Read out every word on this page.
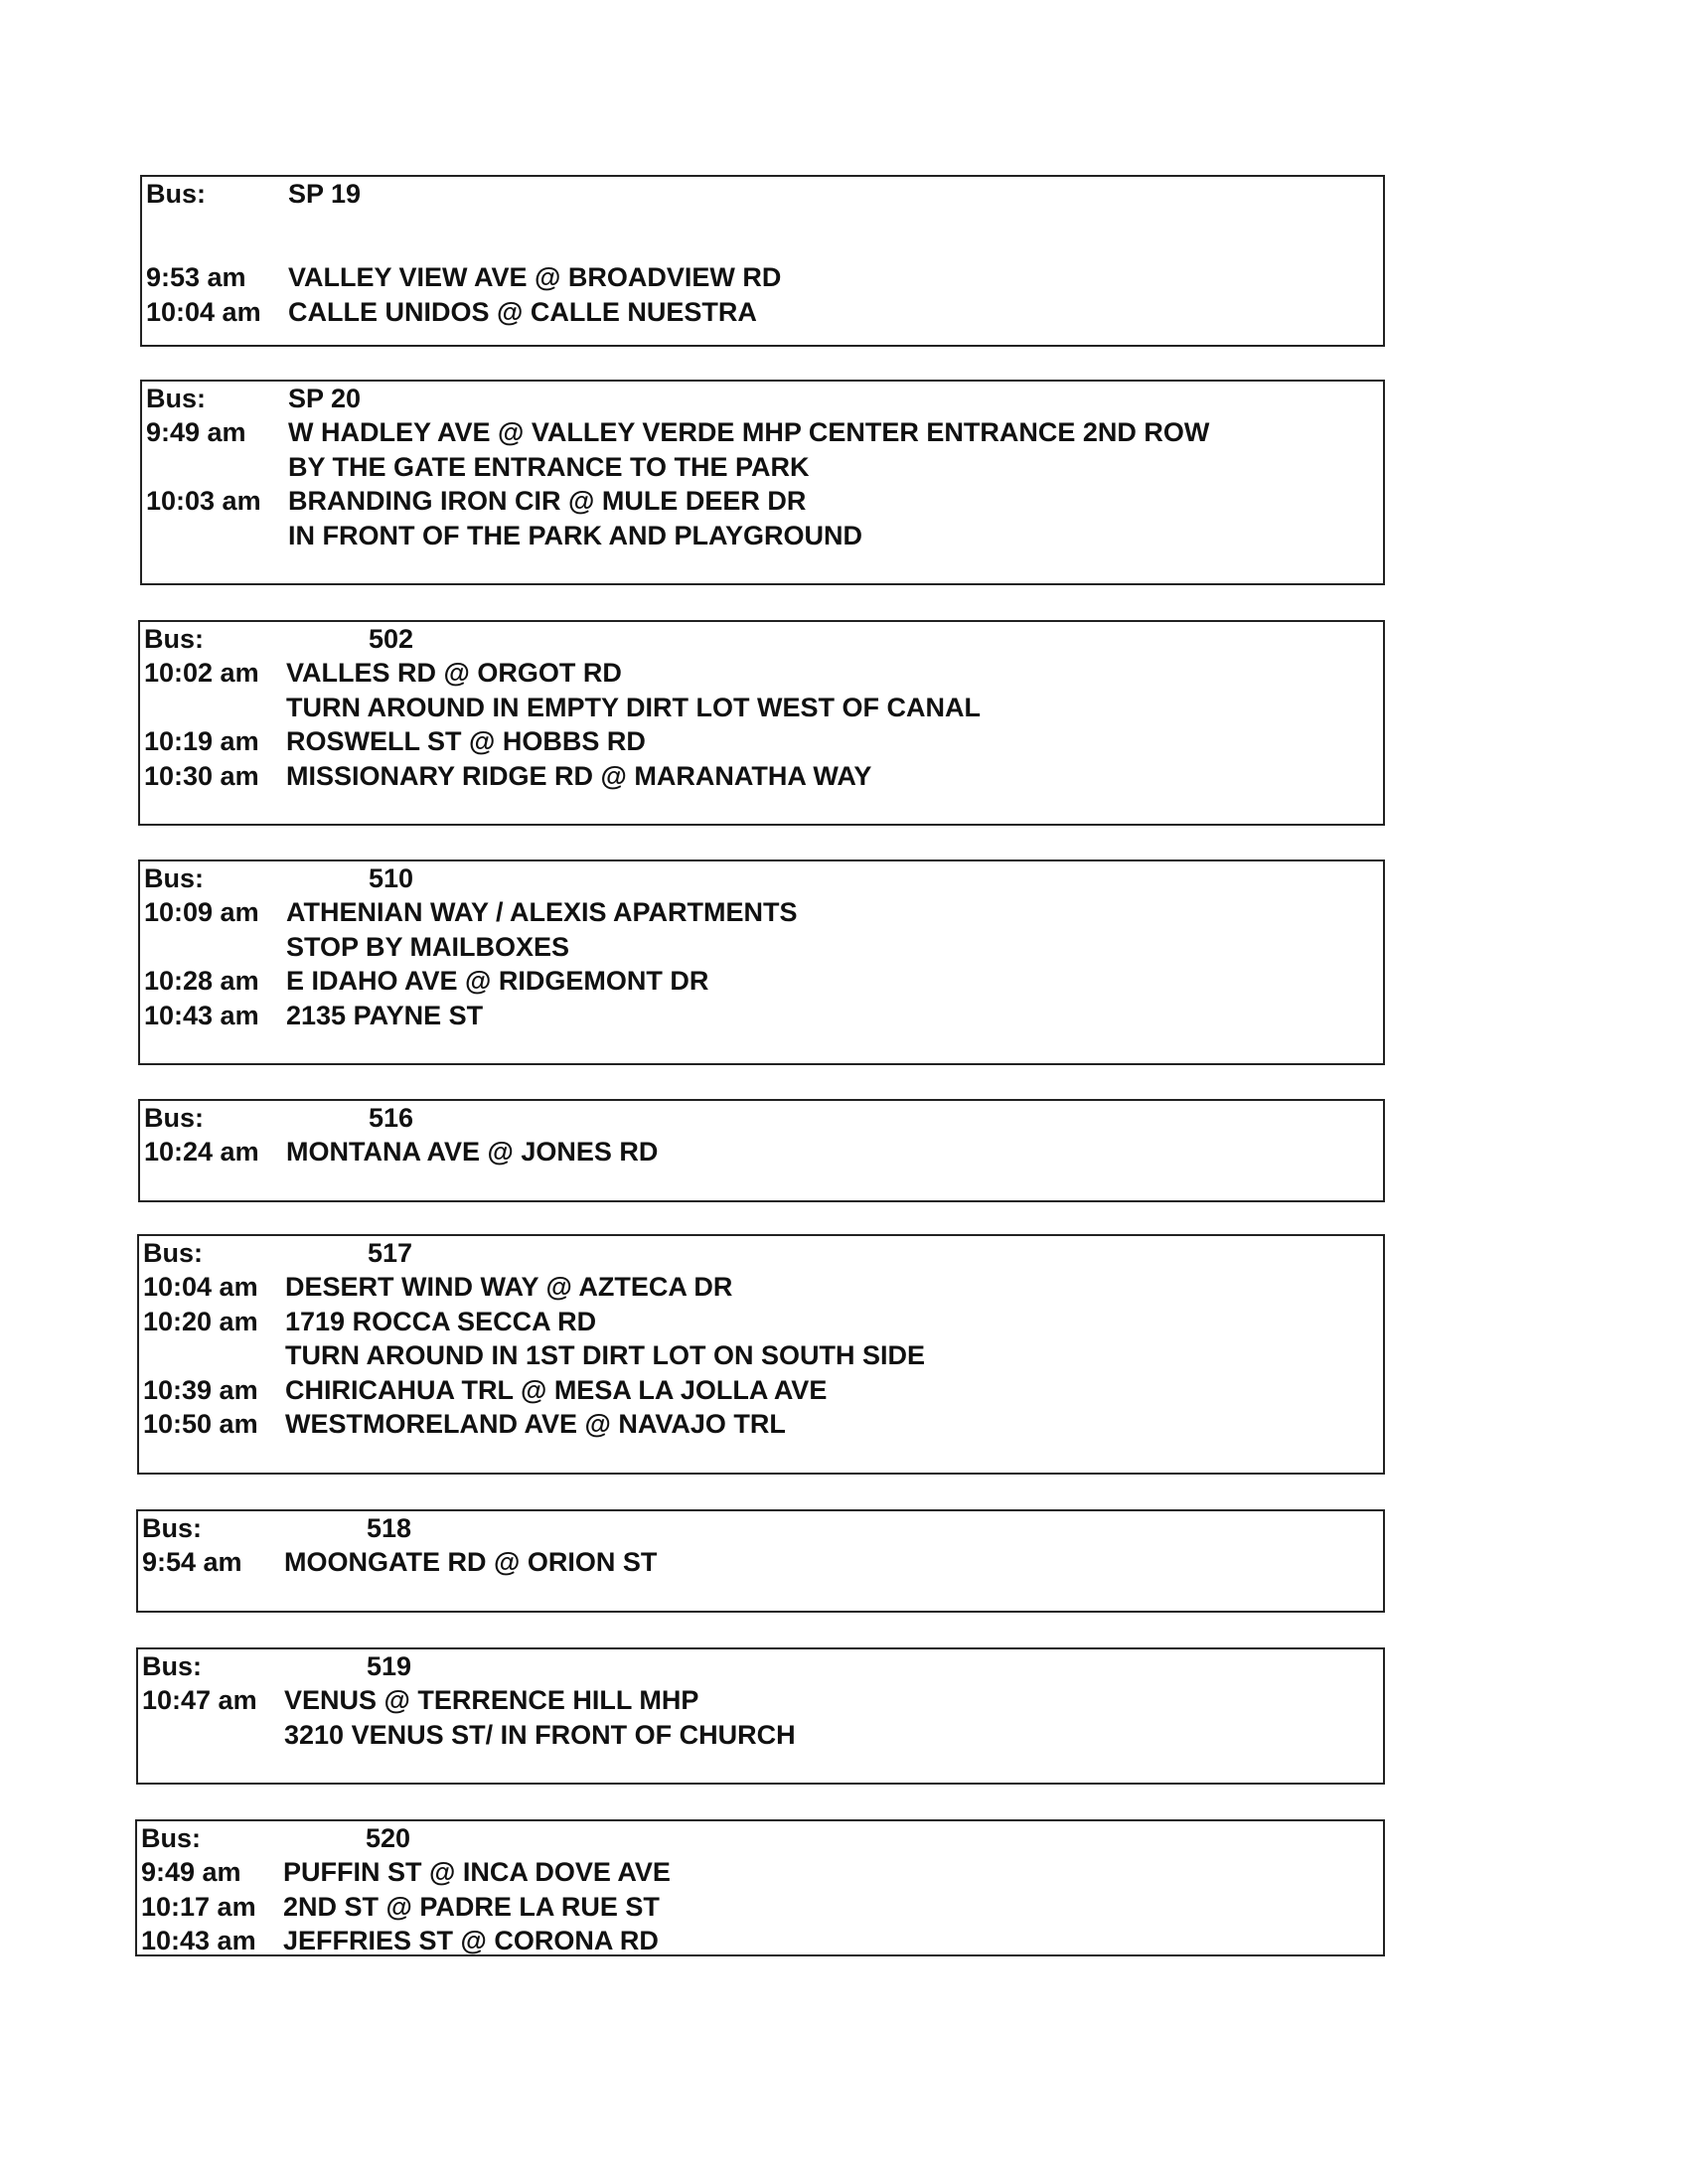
Bus:	SP 19
9:53 am VALLEY VIEW AVE @ BROADVIEW RD
10:04 am CALLE UNIDOS @ CALLE NUESTRA
Bus:	SP 20
9:49 am W HADLEY AVE @ VALLEY VERDE MHP CENTER ENTRANCE 2ND ROW
BY THE GATE ENTRANCE TO THE PARK
10:03 am BRANDING IRON CIR @ MULE DEER DR
IN FRONT OF THE PARK AND PLAYGROUND
Bus:	502
10:02 am VALLES RD @ ORGOT RD
TURN AROUND IN EMPTY DIRT LOT WEST OF CANAL
10:19 am ROSWELL ST @ HOBBS RD
10:30 am MISSIONARY RIDGE RD @ MARANATHA WAY
Bus:	510
10:09 am ATHENIAN WAY / ALEXIS APARTMENTS
STOP BY MAILBOXES
10:28 am E IDAHO AVE @ RIDGEMONT DR
10:43 am 2135 PAYNE ST
Bus:	516
10:24 am MONTANA AVE @ JONES RD
Bus:	517
10:04 am DESERT WIND WAY @ AZTECA DR
10:20 am 1719 ROCCA SECCA RD
TURN AROUND IN 1ST DIRT LOT ON SOUTH SIDE
10:39 am CHIRICAHUA TRL @ MESA LA JOLLA AVE
10:50 am WESTMORELAND AVE @ NAVAJO TRL
Bus:	518
9:54 am MOONGATE RD @ ORION ST
Bus:	519
10:47 am VENUS @ TERRENCE HILL MHP
3210 VENUS ST/ IN FRONT OF CHURCH
Bus:	520
9:49 am PUFFIN ST @ INCA DOVE AVE
10:17 am 2ND ST @ PADRE LA RUE ST
10:43 am JEFFRIES ST @ CORONA RD
